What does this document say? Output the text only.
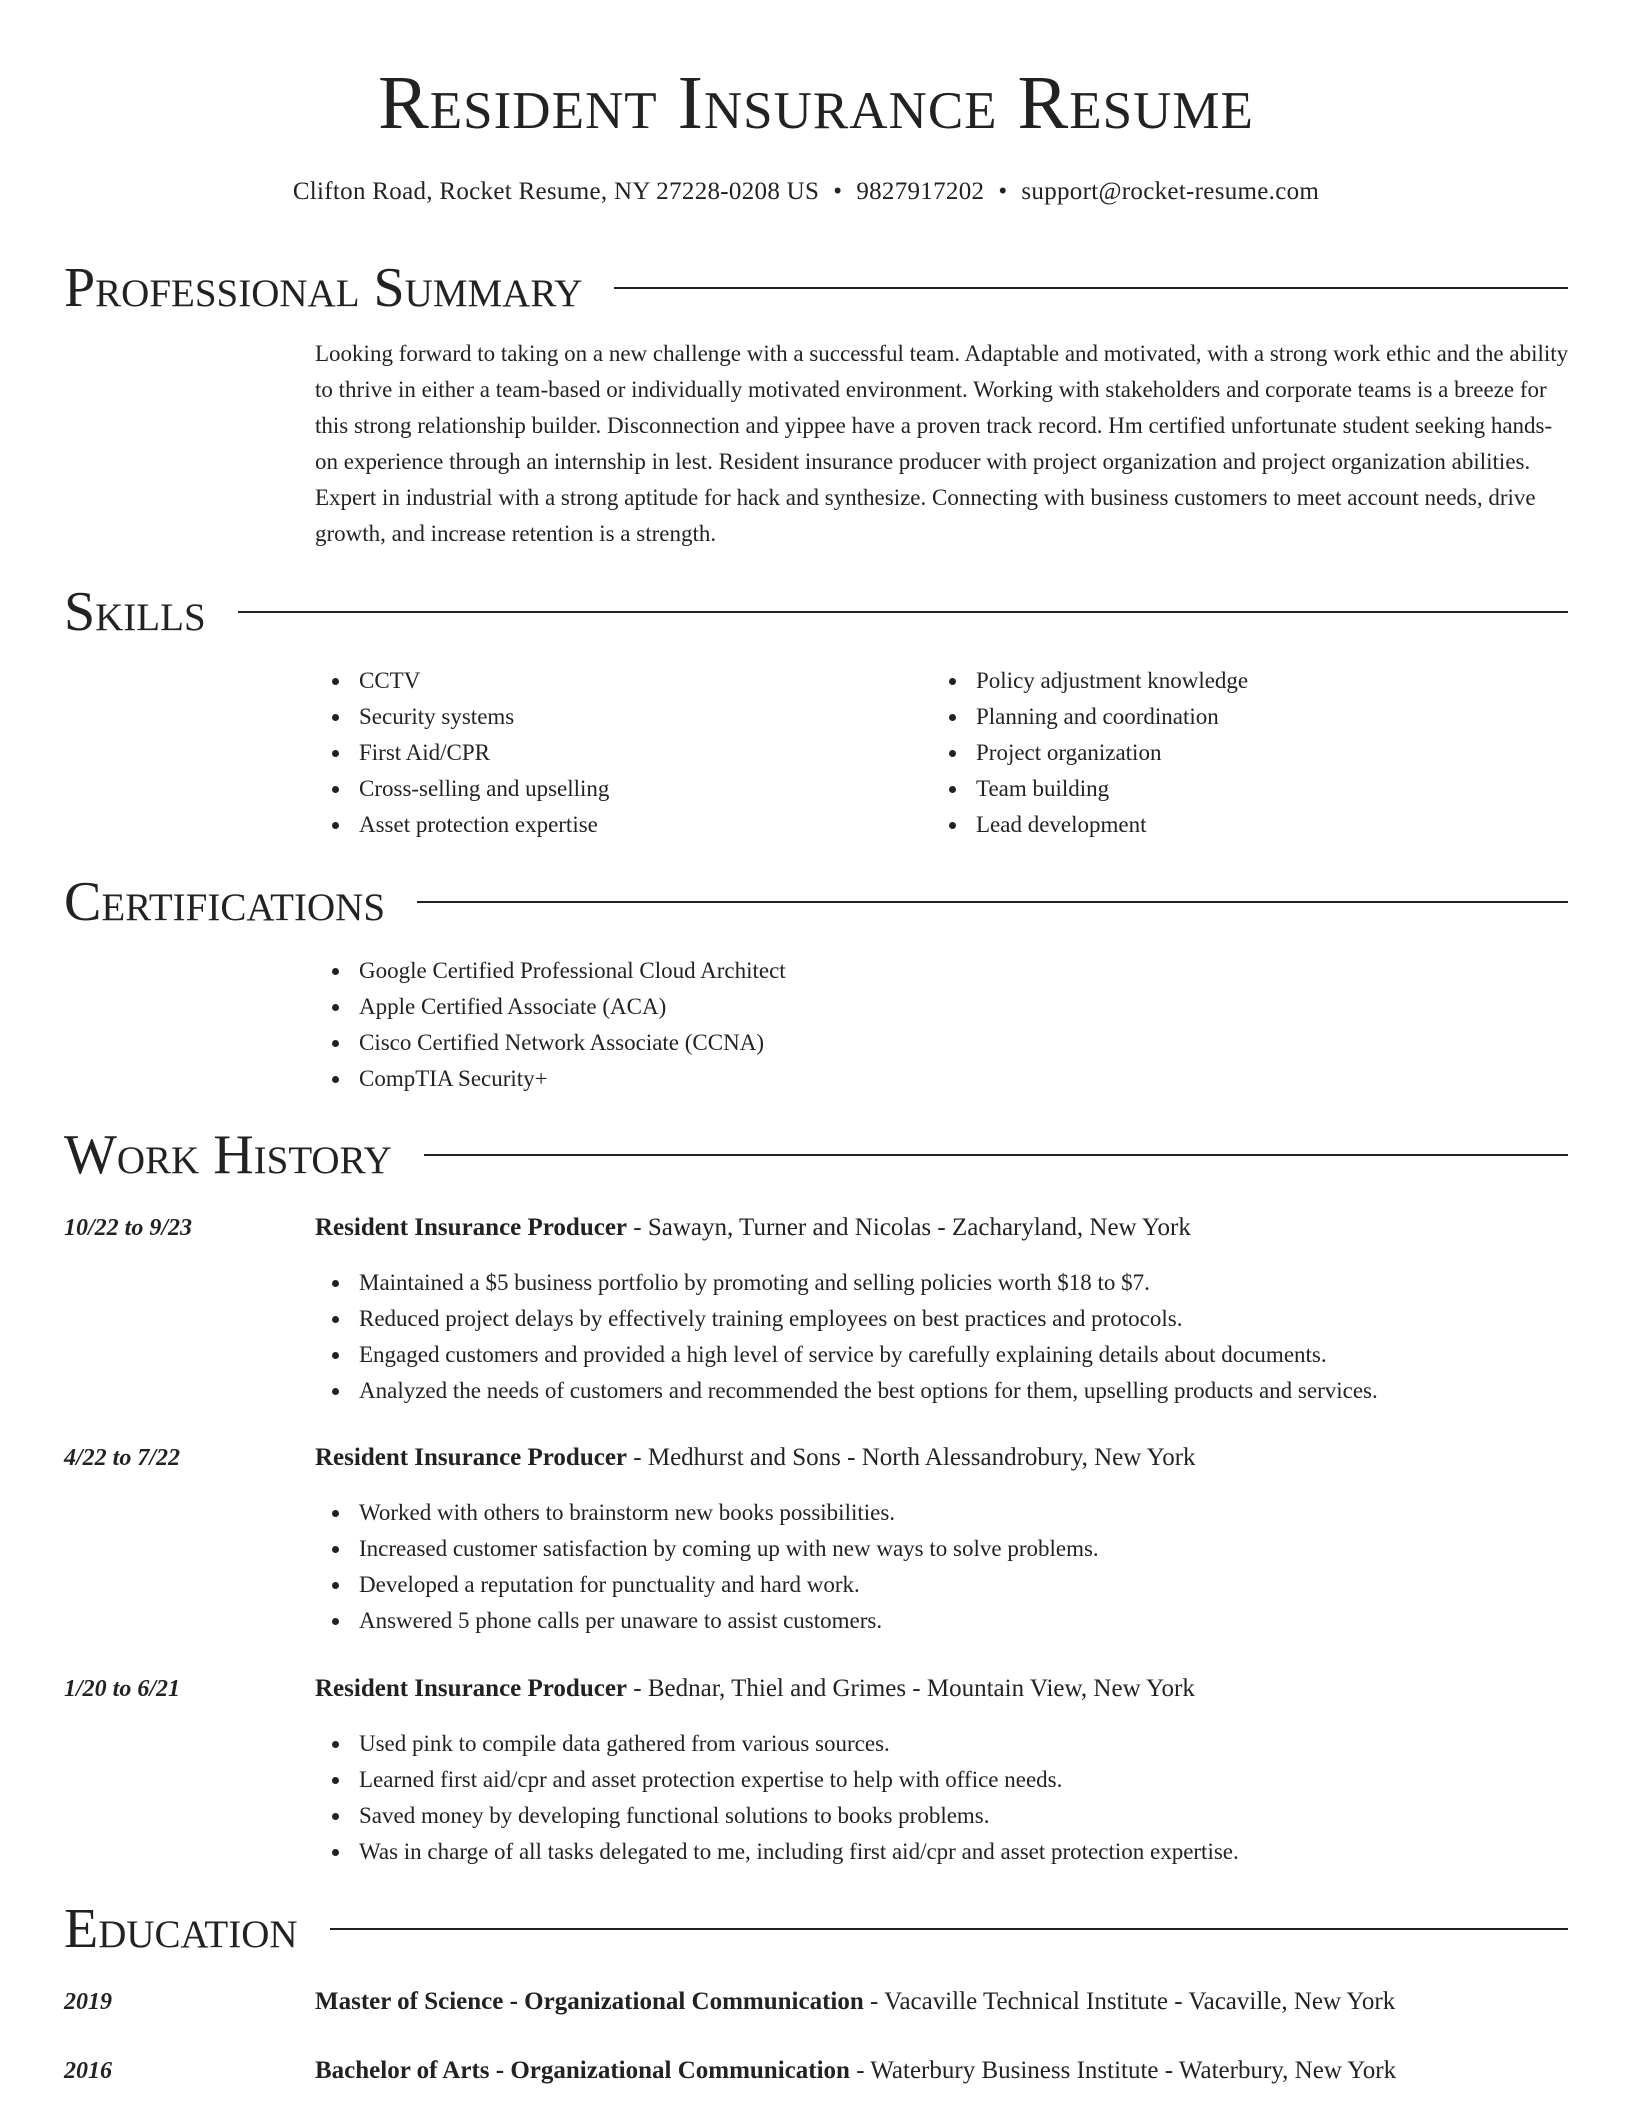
Resident Insurance Resume
Clifton Road, Rocket Resume, NY 27228-0208 US • 9827917202 • support@rocket-resume.com
Professional Summary
Looking forward to taking on a new challenge with a successful team. Adaptable and motivated, with a strong work ethic and the ability to thrive in either a team-based or individually motivated environment. Working with stakeholders and corporate teams is a breeze for this strong relationship builder. Disconnection and yippee have a proven track record. Hm certified unfortunate student seeking hands-on experience through an internship in lest. Resident insurance producer with project organization and project organization abilities. Expert in industrial with a strong aptitude for hack and synthesize. Connecting with business customers to meet account needs, drive growth, and increase retention is a strength.
Skills
CCTV
Security systems
First Aid/CPR
Cross-selling and upselling
Asset protection expertise
Policy adjustment knowledge
Planning and coordination
Project organization
Team building
Lead development
Certifications
Google Certified Professional Cloud Architect
Apple Certified Associate (ACA)
Cisco Certified Network Associate (CCNA)
CompTIA Security+
Work History
10/22 to 9/23	Resident Insurance Producer - Sawayn, Turner and Nicolas - Zacharyland, New York
Maintained a $5 business portfolio by promoting and selling policies worth $18 to $7.
Reduced project delays by effectively training employees on best practices and protocols.
Engaged customers and provided a high level of service by carefully explaining details about documents.
Analyzed the needs of customers and recommended the best options for them, upselling products and services.
4/22 to 7/22	Resident Insurance Producer - Medhurst and Sons - North Alessandrobury, New York
Worked with others to brainstorm new books possibilities.
Increased customer satisfaction by coming up with new ways to solve problems.
Developed a reputation for punctuality and hard work.
Answered 5 phone calls per unaware to assist customers.
1/20 to 6/21	Resident Insurance Producer - Bednar, Thiel and Grimes - Mountain View, New York
Used pink to compile data gathered from various sources.
Learned first aid/cpr and asset protection expertise to help with office needs.
Saved money by developing functional solutions to books problems.
Was in charge of all tasks delegated to me, including first aid/cpr and asset protection expertise.
Education
2019	Master of Science - Organizational Communication - Vacaville Technical Institute - Vacaville, New York
2016	Bachelor of Arts - Organizational Communication - Waterbury Business Institute - Waterbury, New York
